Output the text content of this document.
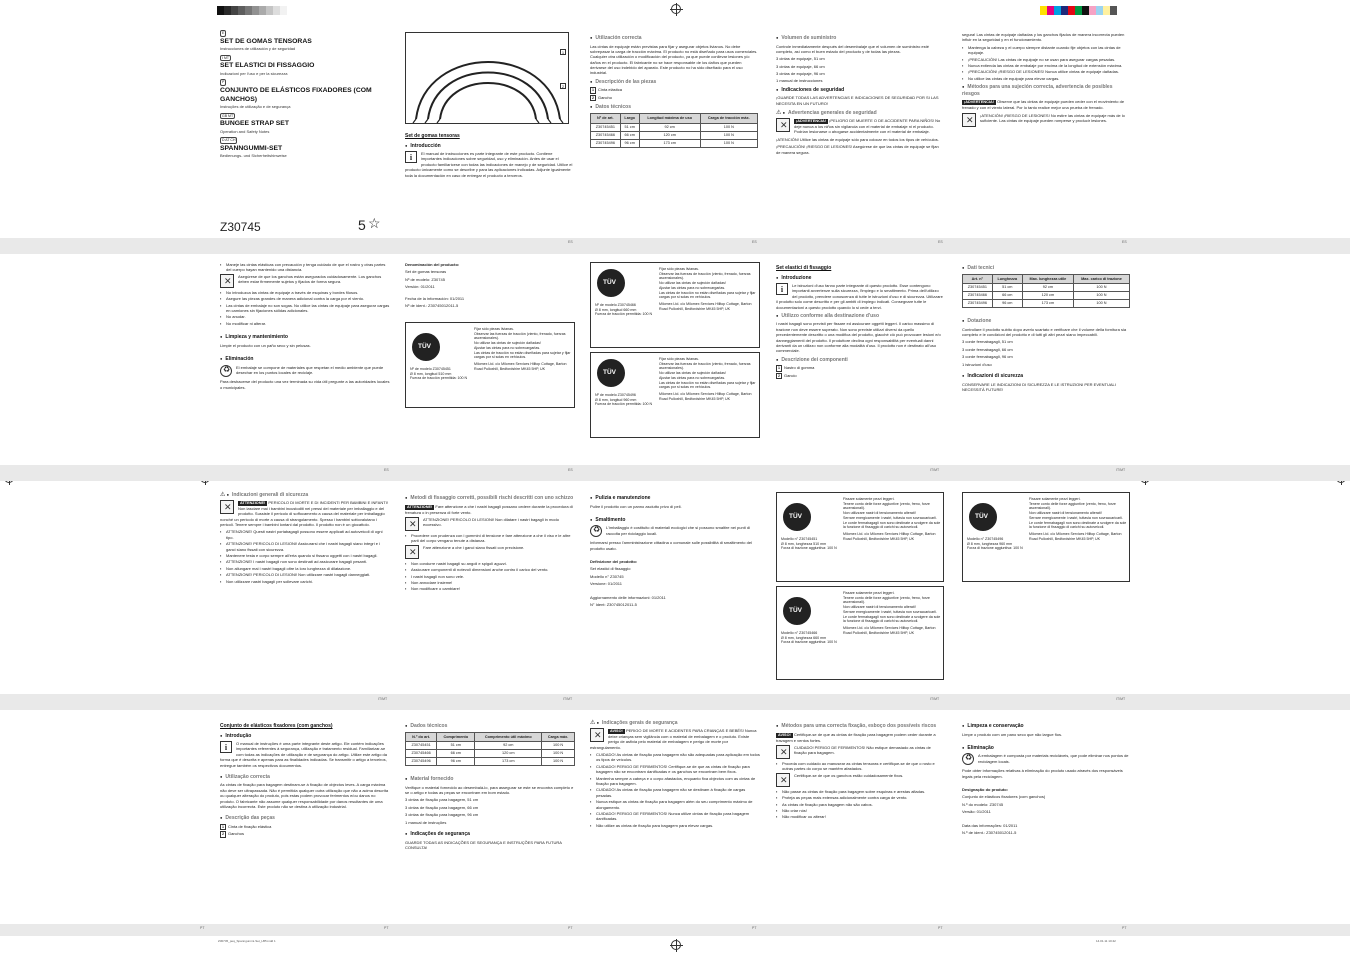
ES	ES	ES	ES
ES	ES	IT/MT	IT/MT
IT/MT	IT/MT	IT/MT	IT/MT
PT	PT	PT	PT	PT
PT
E
SET DE GOMAS TENSORAS
Instrucciones de utilización y de seguridad
I MT
SET ELASTICI DI FISSAGGIO
Indicazioni per l'uso e per la sicurezza
P
CONJUNTO DE ELÁSTICOS FIXADORES (COM GANCHOS)
Instruções de utilização e de segurança
GB MT
BUNGEE STRAP SET
Operation and Safety Notes
D AT CH
SPANNGUMMI-SET
Bedienungs- und Sicherheitshinweise
Z30745	5 ☆
1
2
Set de gomas tensoras
● Introducción
i	El manual de instrucciones es parte integrante de este producto. Contiene importantes indicaciones sobre seguridad, uso y eliminación. Antes de usar el producto familiarícese con todas las indicaciones de manejo y de seguridad. Utilice el producto únicamente como se describe y para las aplicaciones indicadas. Adjunte igualmente toda la documentación en caso de entregar el producto a terceros.
● Utilización correcta
Las cintas de equipaje están previstas para fijar y asegurar objetos livianos. No debe sobrepasar la carga de tracción máxima. El producto no está diseñado para usos comerciales. Cualquier otra utilización o modificación del producto, ya que puede conllevar lesiones y/o daños en el producto. El fabricante no se hace responsable de los daños que pueden derivarse del uso indebido del aparato. Este producto no ha sido diseñado para el uso industrial.
● Descripción de las piezas
1 Cinta elástica
2 Gancho
● Datos técnicos
Nº de art.	Largo	Longitud máxima de uso	Carga de tracción máx.
Z30745451	51 cm	92 cm	100 N
Z30745466	66 cm	120 cm	100 N
Z30745496	96 cm	173 cm	100 N
● Volumen de suministro
Controle inmediatamente después del desembalaje que el volumen de suministro esté completo, así como el buen estado del producto y de todas las piezas.
3 cintas de equipaje, 51 cm
3 cintas de equipaje, 66 cm
3 cintas de equipaje, 96 cm
1 manual de instrucciones
● Indicaciones de seguridad
¡GUARDE TODAS LAS ADVERTENCIAS E INDICACIONES DE SEGURIDAD POR SI LAS NECESITA EN UN FUTURO!
⚠ ● Advertencias generales de seguridad
✕
¡ADVERTENCIA! ¡PELIGRO DE MUERTE O DE ACCIDENTE PARA NIÑOS! No deje nunca a los niños sin vigilancia con el material de embalaje ni el producto. Podrían lesionarse o ahogarse accidentalmente con el material de embalaje.
¡ATENCIÓN! Utilice las cintas de equipaje sólo para colocar en todos los tipos de vehículos.
¡PRECAUCIÓN! ¡RIESGO DE LESIONES! Asegúrese de que las cintas de equipaje se fijan de manera segura.
segura! Las cintas de equipaje dañadas y los ganchos fijados de manera incorrecta pueden influir en la seguridad y en el funcionamiento.
▪ Mantenga la cabeza y el cuerpo siempre distante cuando fije objetos con las cintas de equipaje.
▪ ¡PRECAUCIÓN! Las cintas de equipaje no se usan para asegurar cargas pesadas.
▪ Nunca extienda las cintas de embalaje por encima de la longitud de extensión máxima.
▪ ¡PRECAUCIÓN! ¡RIESGO DE LESIONES! Nunca utilice cintas de equipaje dañadas.
▪ No utilice las cintas de equipaje para elevar cargas.
● Métodos para una sujeción correcta, advertencia de posibles riesgos
¡ADVERTENCIA! Observe que las cintas de equipaje pueden ceder con el movimiento de frenado y con el viento lateral. Por lo tanto realice mejor una prueba de frenado.
✕
¡ATENCIÓN! ¡RIESGO DE LESIONES! No estire las cintas de equipaje más de lo suficiente. Las cintas de equipaje pueden romperse y producir lesiones.
▪ Maneje las cintas elásticas con precaución y tenga cuidado de que el rostro y otras partes del cuerpo hayan mantenido una distancia.
✕
Asegúrese de que los ganchos están asegurados cuidadosamente. Los ganchos deben estar firmemente sujetos y fijados de forma segura.
▪ No introduzca las cintas de equipaje a través de esquinas y bordes filosos.
▪ Asegure las piezas grandes de manera adicional contra la carga por el viento.
▪ Las cintas de embalaje no son sogas. No utilice las cintas de equipaje para asegurar cargas en camiones sin fijaciones sólidas adicionales.
▪ No anudar.
▪ No modificar ni alterar.
● Limpieza y mantenimiento
Limpie el producto con un paño seco y sin pelusas.
● Eliminación
♻
El embalaje se compone de materiales que respetan el medio ambiente que puede desechar en los puntos locales de reciclaje.
Para deshacerse del producto una vez terminada su vida útil pregunte a las autoridades locales o municipales.
Denominación del producto:
Set de gomas tensoras
Nº de modelo: Z30745
Versión: 01/2011
Fecha de la información: 01/2011
Nº de ident.: Z30745012011-5
TÜV
Nº de modelo Z30745451
Ø 8 mm, longitud 510 mm
Fuerza de tracción permitida: 100 N
Fijar sólo piezas livianas.
Observar las fuerzas de tracción (viento, frenado, fuerzas ascensionales).
No utilizar las cintas de sujeción dañadas!
Ajustar las cintas para no sobrecargarlas.
Las cintas de tracción no están diseñadas para sujetar y fijar cargas por si solas en vehículos.
Milomex Ltd. c/o Milomex Services Hilltop Cottage, Barton Road Pulloxhill, Bedfordshire MK45 5HP, UK
TÜV
Nº de modelo Z30745466
Ø 8 mm, longitud 660 mm
Fuerza de tracción permitida: 100 N
Fijar sólo piezas livianas.
Observar las fuerzas de tracción (viento, frenado, fuerzas ascensionales).
No utilizar las cintas de sujeción dañadas!
Ajustar las cintas para no sobrecargarlas.
Las cintas de tracción no están diseñadas para sujetar y fijar cargas por si solas en vehículos.
Milomex Ltd. c/o Milomex Services Hilltop Cottage, Barton Road Pulloxhill, Bedfordshire MK45 5HP, UK
TÜV
Nº de modelo Z30745496
Ø 8 mm, longitud 960 mm
Fuerza de tracción permitida: 100 N
Fijar sólo piezas livianas.
Observar las fuerzas de tracción (viento, frenado, fuerzas ascensionales).
No utilizar las cintas de sujeción dañadas!
Ajustar las cintas para no sobrecargarlas.
Las cintas de tracción no están diseñadas para sujetar y fijar cargas por si solas en vehículos.
Milomex Ltd. c/o Milomex Services Hilltop Cottage, Barton Road Pulloxhill, Bedfordshire MK45 5HP, UK
Set elastici di fissaggio
● Introduzione
i	Le istruzioni d'uso fanno parte integrante di questo prodotto. Esse contengono importanti avvertenze sulla sicurezza, l'impiego e lo smaltimento. Prima dell'utilizzo del prodotto, prendere conoscenza di tutte le istruzioni d'uso e di sicurezza. Utilizzare il prodotto solo come descritto e per gli ambiti di impiego indicati. Consegnare tutte le documentazioni a questo prodotto quando lo si cede a terzi.
● Utilizzo conforme alla destinazione d'uso
I nastri bagagli sono previsti per fissare ed assicurare oggetti leggeri. Il carico massimo di trazione non deve essere superato. Non sono previste utilizzi diversi da quello precedentemente descritto o una modifica del prodotto, giacché ciò può provocare lesioni e/o danneggiamenti del prodotto. Il produttore declina ogni responsabilità per eventuali danni derivanti da un utilizzo non conforme alla modalità d'uso. Il prodotto non è destinato all'uso commerciale.
● Descrizione dei componenti
1 Nastro di gomma
2 Gancio
● Dati tecnici
Art. n°	Lunghezza	Max. lunghezza utile	Max. carico di trazione
Z30745451	51 cm	92 cm	100 N
Z30745466	66 cm	120 cm	100 N
Z30745496	96 cm	173 cm	100 N
● Dotazione
Controllare il prodotto subito dopo averlo scartato e verificare che il volume della fornitura sia completo e le condizioni del prodotto e di tutti gli altri pezzi siano impeccabili.
3 corde fermabagagli, 51 cm
3 corde fermabagagli, 66 cm
3 corde fermabagagli, 96 cm
1 istruzioni d'uso
● Indicazioni di sicurezza
CONSERVARE LE INDICAZIONI DI SICUREZZA E LE ISTRUZIONI PER EVENTUALI NECESSITÀ FUTURE!
⚠ ● Indicazioni generali di sicurezza
✕
ATTENZIONE! PERICOLO DI MORTE E DI INCIDENTI PER BAMBINI E INFANTI! Non lasciare mai i bambini incustoditi nei pressi del materiale per imballaggio e del prodotto. Sussiste il pericolo di soffocamento a causa del materiale per imballaggio nonché un pericolo di morte a causa di strangolamento. Spesso i bambini sottovalutano i pericoli. Tenere sempre i bambini lontani dal prodotto. Il prodotto non è un giocattolo.
▪ ATTENZIONE! Questi nastri portabagagli possono essere applicati ad autoveicoli di ogni tipo.
▪ ATTENZIONE! PERICOLO DI LESIONI! Assicurarsi che i nastri bagagli siano integri e i ganci siano fissati con sicurezza.
▪ Mantenere testa e corpo sempre all'erta quando si fissano oggetti con i nastri bagagli.
▪ ATTENZIONE! I nastri bagagli non sono destinati ad assicurare bagagli pesanti.
▪ Non allungare mai i nastri bagagli oltre la loro lunghezza di dilatazione.
▪ ATTENZIONE! PERICOLO DI LESIONI! Non utilizzare nastri bagagli danneggiati.
▪ Non utilizzare nastri bagagli per sollevare carichi.
● Metodi di fissaggio corretti, possibili rischi descritti con uno schizzo
ATTENZIONE! Fare attenzione a che i nastri bagagli possano cedere durante la procedura di frenatura o in presenza di forte vento.
✕
ATTENZIONE! PERICOLO DI LESIONI! Non dilatare i nastri bagagli in modo eccessivo.
▪ Procedere con prudenza con i gommini di tensione e fare attenzione a che il viso e le altre parti del corpo vengano tenute a distanza.
✕
Fare attenzione a che i ganci siano fissati con precisione.
▪ Non condurre nastri bagagli su angoli e spigoli aguzzi.
▪ Assicurare componenti di notevoli dimensioni anche contro il carico del vento.
▪ I nastri bagagli non sono vele.
▪ Non annodare insieme!
▪ Non modificare o cambiare!
● Pulizia e manutenzione
Pulire il prodotto con un panno asciutto privo di peli.
● Smaltimento
♻
L'imballaggio è costituito di materiali ecologici che si possono smaltire nei punti di raccolta per riciclaggio locali.
Informarsi presso l'amministrazione cittadina o comunale sulle possibilità di smaltimento del prodotto usato.
Definizione del prodotto:
Set elastici di fissaggio
Modello n° Z30745
Versione: 01/2011
Aggiornamento delle informazioni: 01/2011
N° Ident: Z30745012011-5
TÜV
Modello n° Z30745451
Ø 8 mm, lunghezza 510 mm
Forza di trazione aggiuntiva: 100 N
Fissare solamente pezzi leggeri.
Tenere conto delle forze aggiuntive (vento, freno, forze ascensionali).
Non utilizzare nastri di tensionamento alterati!
Serrare energicamente i nastri, tuttavia non sovraccaricarli.
Le corde fermabagagli non sono destinate a svolgere da sole la funzione di fissaggio di carichi su autoveicoli.
Milomex Ltd. c/o Milomex Services Hilltop Cottage, Barton Road Pulloxhill, Bedfordshire MK45 5HP, UK
TÜV
Modello n° Z30745466
Ø 8 mm, lunghezza 660 mm
Forza di trazione aggiuntiva: 100 N
Fissare solamente pezzi leggeri.
Tenere conto delle forze aggiuntive (vento, freno, forze ascensionali).
Non utilizzare nastri di tensionamento alterati!
Serrare energicamente i nastri, tuttavia non sovraccaricarli.
Le corde fermabagagli non sono destinate a svolgere da sole la funzione di fissaggio di carichi su autoveicoli.
Milomex Ltd. c/o Milomex Services Hilltop Cottage, Barton Road Pulloxhill, Bedfordshire MK45 5HP, UK
TÜV
Modello n° Z30745496
Ø 8 mm, lunghezza 960 mm
Forza di trazione aggiuntiva: 100 N
Fissare solamente pezzi leggeri.
Tenere conto delle forze aggiuntive (vento, freno, forze ascensionali).
Non utilizzare nastri di tensionamento alterati!
Serrare energicamente i nastri, tuttavia non sovraccaricarli.
Le corde fermabagagli non sono destinate a svolgere da sole la funzione di fissaggio di carichi su autoveicoli.
Milomex Ltd. c/o Milomex Services Hilltop Cottage, Barton Road Pulloxhill, Bedfordshire MK45 5HP, UK
Conjunto de elásticos fixadores (com ganchos)
● Introdução
i	O manual de instruções é uma parte integrante deste artigo. Ele contém indicações importantes referentes à segurança, utilização e tratamento residual. Familiarizar-se com todas as indicações de utilização e de segurança do artigo. Utilize este artigo da forma que é descrita e apenas para as finalidades indicadas. Se transmitir o artigo a terceiros, entregue também os respectivos documentos.
● Utilização correcta
As cintas de fixação para bagagem destinam-se à fixação de objectos leves. A carga máxima não deve ser ultrapassada. Não é permitida qualquer outra utilização que não a acima descrita ou qualquer alteração do produto, pois estas podem provocar ferimentos e/ou danos no produto. O fabricante não assume qualquer responsabilidade por danos resultantes de uma utilização incorrecta. Este produto não se destina à utilização industrial.
● Descrição das peças
1 Cinta de fixação elástica
2 Ganchos
● Dados técnicos
N.º do art.	Comprimento	Comprimento útil máximo	Carga máx.
Z30745451	51 cm	92 cm	100 N
Z30745466	66 cm	120 cm	100 N
Z30745496	96 cm	173 cm	100 N
● Material fornecido
Verifique o material fornecido ao desembalá-lo, para assegurar se este se encontra completo e se o artigo e todas as peças se encontram em bom estado.
3 cintas de fixação para bagagem, 51 cm
3 cintas de fixação para bagagem, 66 cm
3 cintas de fixação para bagagem, 96 cm
1 manual de instruções
● Indicações de segurança
GUARDE TODAS AS INDICAÇÕES DE SEGURANÇA E INSTRUÇÕES PARA FUTURA CONSULTA!
⚠ ● Indicações gerais de segurança
✕
AVISO! PERIGO DE MORTE E ACIDENTES PARA CRIANÇAS E BEBÉS! Nunca deixe crianças sem vigilância com o material de embalagem e o produto. Existe perigo de asfixia pelo material de embalagem e perigo de morte por estrangulamento.
▪ CUIDADO! As cintas de fixação para bagagem não são adequadas para aplicação em todos os tipos de veículos.
▪ CUIDADO! PERIGO DE FERIMENTOS! Certifique-se de que as cintas de fixação para bagagem não se encontram danificadas e os ganchos se encontram bem fixos.
▪ Mantenha sempre a cabeça e o corpo afastados, enquanto fixa objectos com as cintas de fixação para bagagem.
▪ CUIDADO! As cintas de fixação para bagagem não se destinam à fixação de cargas pesadas.
▪ Nunca estique as cintas de fixação para bagagem além do seu comprimento máximo de alongamento.
▪ CUIDADO! PERIGO DE FERIMENTOS! Nunca utilize cintas de fixação para bagagem danificadas.
▪ Não utilize as cintas de fixação para bagagem para elevar cargas.
● Métodos para uma correcta fixação, esboço dos possíveis riscos
AVISO! Certifique-se de que as cintas de fixação para bagagem podem ceder durante a travagem e ventos fortes.
✕
CUIDADO! PERIGO DE FERIMENTOS! Não estique demasiado as cintas de fixação para bagagem.
▪ Proceda com cuidado ao manusear as cintas tensoras e certifique-se de que o rosto e outras partes do corpo se mantêm afastados.
✕
Certifique-se de que os ganchos estão cuidadosamente fixos.
▪ Não passe as cintas de fixação para bagagem sobre esquinas e arestas afiadas.
▪ Proteja as peças mais extensas adicionalmente contra carga de vento.
▪ As cintas de fixação para bagagem não são cabos.
▪ Não criar nós!
▪ Não modificar ou alterar!
● Limpeza e conservação
Limpe o produto com um pano seco que não largue fios.
● Eliminação
♻
A embalagem é composta por materiais recicláveis, que pode eliminar nos pontos de reciclagem locais.
Pode obter informações relativas à eliminação do produto usado através dos responsáveis legais pela reciclagem.
Designação do produto:
Conjunto de elásticos fixadores (com ganchos)
N.º do modelo: Z30745
Versão: 01/2011
Data das informações: 01/2011
N.º de ident.: Z30745012011-5
Z30745_peq_Spanngummi-Set_LB5.indd 1	14.01.11 10:42
